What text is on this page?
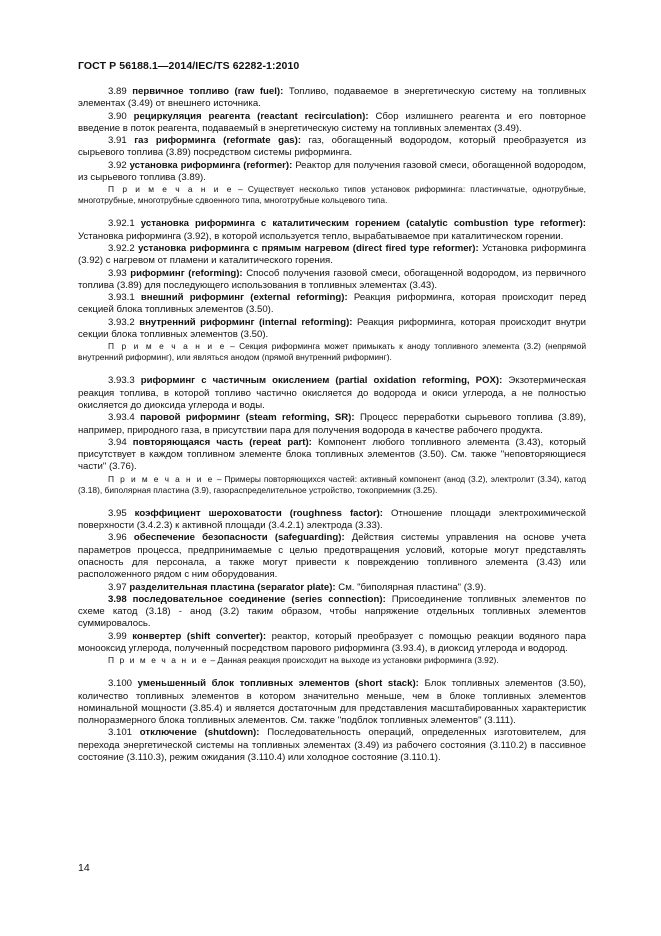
ГОСТ Р 56188.1—2014/IEC/TS 62282-1:2010

3.89 первичное топливо (raw fuel): Топливо, подаваемое в энергетическую систему на топливных элементах (3.49) от внешнего источника.

3.90 рециркуляция реагента (reactant recirculation): Сбор излишнего реагента и его повторное введение в поток реагента, подаваемый в энергетическую систему на топливных элементах (3.49).

3.91 газ риформинга (reformate gas): газ, обогащенный водородом, который преобразуется из сырьевого топлива (3.89) посредством системы риформинга.

3.92 установка риформинга (reformer): Реактор для получения газовой смеси, обогащенной водородом, из сырьевого топлива (3.89).

П р и м е ч а н и е – Существует несколько типов установок риформинга: пластинчатые, однотрубные, многотрубные, многотрубные сдвоенного типа, многотрубные кольцевого типа.

3.92.1 установка риформинга с каталитическим горением (catalytic combustion type reformer): Установка риформинга (3.92), в которой используется тепло, вырабатываемое при каталитическом горении.

3.92.2 установка риформинга с прямым нагревом (direct fired type reformer): Установка риформинга (3.92) с нагревом от пламени и каталитического горения.

3.93 риформинг (reforming): Способ получения газовой смеси, обогащенной водородом, из первичного топлива (3.89) для последующего использования в топливных элементах (3.43).

3.93.1 внешний риформинг (external reforming): Реакция риформинга, которая происходит перед секцией блока топливных элементов (3.50).

3.93.2 внутренний риформинг (internal reforming): Реакция риформинга, которая происходит внутри секции блока топливных элементов (3.50).

П р и м е ч а н и е – Секция риформинга может примыкать к аноду топливного элемента (3.2) (непрямой внутренний риформинг), или являться анодом (прямой внутренний риформинг).

3.93.3 риформинг с частичным окислением (partial oxidation reforming, POX): Экзотермическая реакция топлива, в которой топливо частично окисляется до водорода и окиси углерода, а не полностью окисляется до диоксида углерода и воды.

3.93.4 паровой риформинг (steam reforming, SR): Процесс переработки сырьевого топлива (3.89), например, природного газа, в присутствии пара для получения водорода в качестве рабочего продукта.

3.94 повторяющаяся часть (repeat part): Компонент любого топливного элемента (3.43), который присутствует в каждом топливном элементе блока топливных элементов (3.50). См. также "неповторяющиеся части" (3.76).

П р и м е ч а н и е – Примеры повторяющихся частей: активный компонент (анод (3.2), электролит (3.34), катод (3.18), биполярная пластина (3.9), газораспределительное устройство, токоприемник (3.25).

3.95 коэффициент шероховатости (roughness factor): Отношение площади электрохимической поверхности (3.4.2.3) к активной площади (3.4.2.1) электрода (3.33).

3.96 обеспечение безопасности (safeguarding): Действия системы управления на основе учета параметров процесса, предпринимаемые с целью предотвращения условий, которые могут представлять опасность для персонала, а также могут привести к повреждению топливного элемента (3.43) или расположенного рядом с ним оборудования.

3.97 разделительная пластина (separator plate): См. "биполярная пластина" (3.9).

3.98 последовательное соединение (series connection): Присоединение топливных элементов по схеме катод (3.18) - анод (3.2) таким образом, чтобы напряжение отдельных топливных элементов суммировалось.

3.99 конвертер (shift converter): реактор, который преобразует с помощью реакции водяного пара монооксид углерода, полученный посредством парового риформинга (3.93.4), в диоксид углерода и водород.

П р и м е ч а н и е – Данная реакция происходит на выходе из установки риформинга (3.92).

3.100 уменьшенный блок топливных элементов (short stack): Блок топливных элементов (3.50), количество топливных элементов в котором значительно меньше, чем в блоке топливных элементов номинальной мощности (3.85.4) и является достаточным для представления масштабированных характеристик полноразмерного блока топливных элементов. См. также "подблок топливных элементов" (3.111).

3.101 отключение (shutdown): Последовательность операций, определенных изготовителем, для перехода энергетической системы на топливных элементах (3.49) из рабочего состояния (3.110.2) в пассивное состояние (3.110.3), режим ожидания (3.110.4) или холодное состояние (3.110.1).

14
